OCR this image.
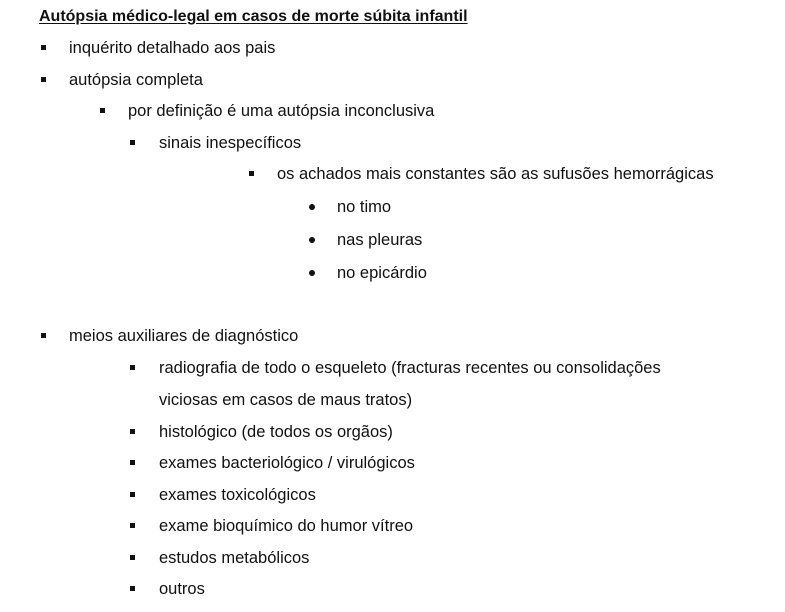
Autópsia médico-legal em casos de morte súbita infantil
inquérito detalhado aos pais
autópsia completa
por definição é uma autópsia inconclusiva
sinais inespecíficos
os achados mais constantes são as sufusões hemorrágicas
no timo
nas pleuras
no epicárdio
meios auxiliares de diagnóstico
radiografia de todo o esqueleto (fracturas recentes ou consolidações
viciosas em casos de maus tratos)
histológico (de todos os orgãos)
exames bacteriológico / virulógicos
exames toxicológicos
exame bioquímico do humor vítreo
estudos metabólicos
outros
